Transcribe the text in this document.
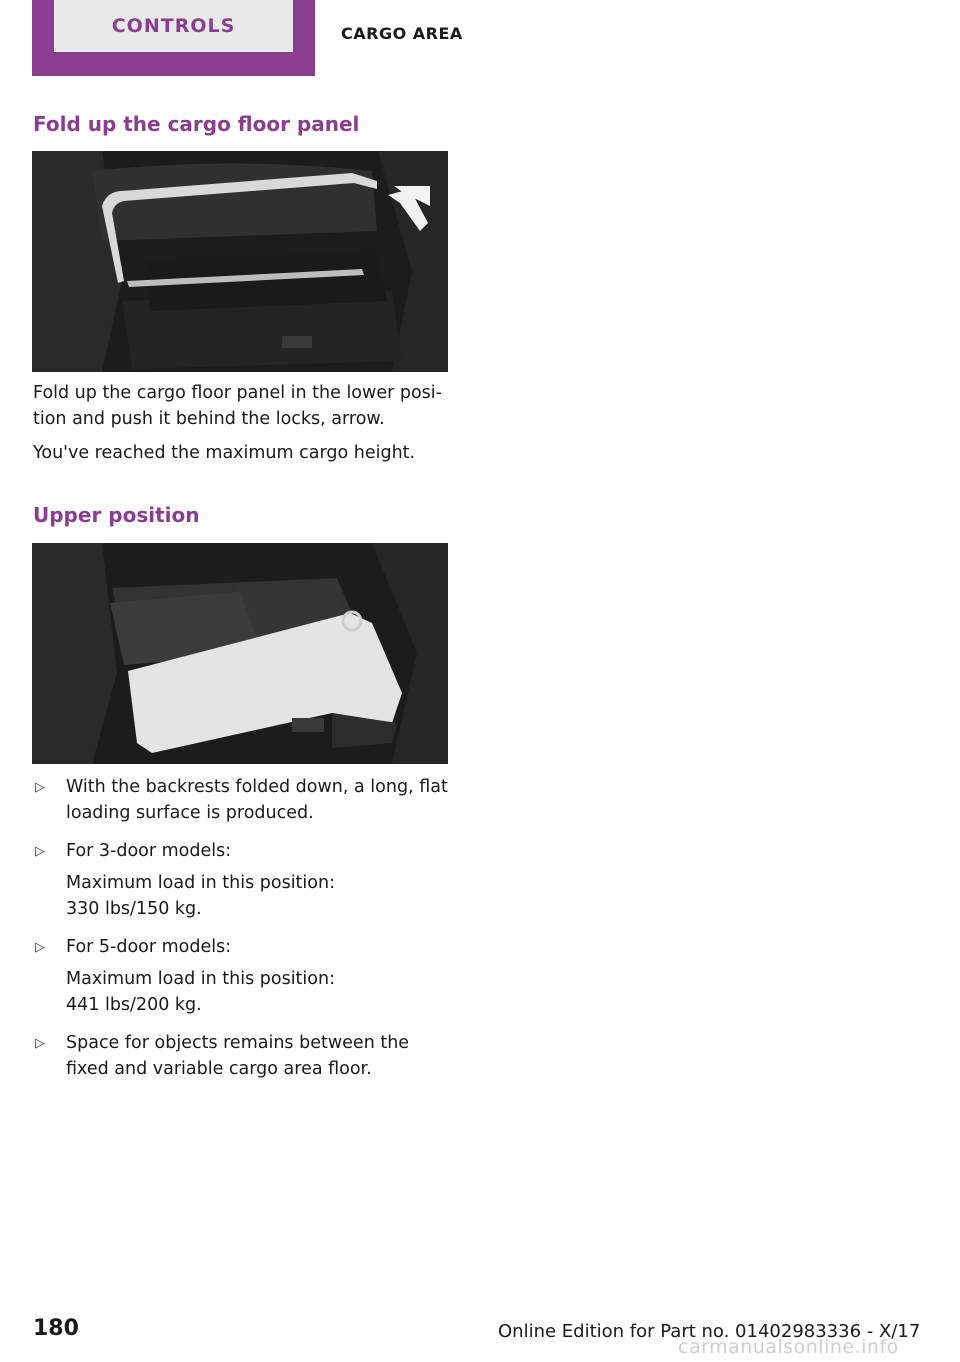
CONTROLS	CARGO AREA
Fold up the cargo floor panel
Fold up the cargo floor panel in the lower posi-tion and push it behind the locks, arrow.
You've reached the maximum cargo height.
Upper position
▷ With the backrests folded down, a long, flat loading surface is produced.
▷ For 3-door models:
Maximum load in this position:
330 lbs/150 kg.
▷ For 5-door models:
Maximum load in this position:
441 lbs/200 kg.
▷ Space for objects remains between the fixed and variable cargo area floor.
180	Online Edition for Part no. 01402983336 - X/17
carmanualsonline.info
